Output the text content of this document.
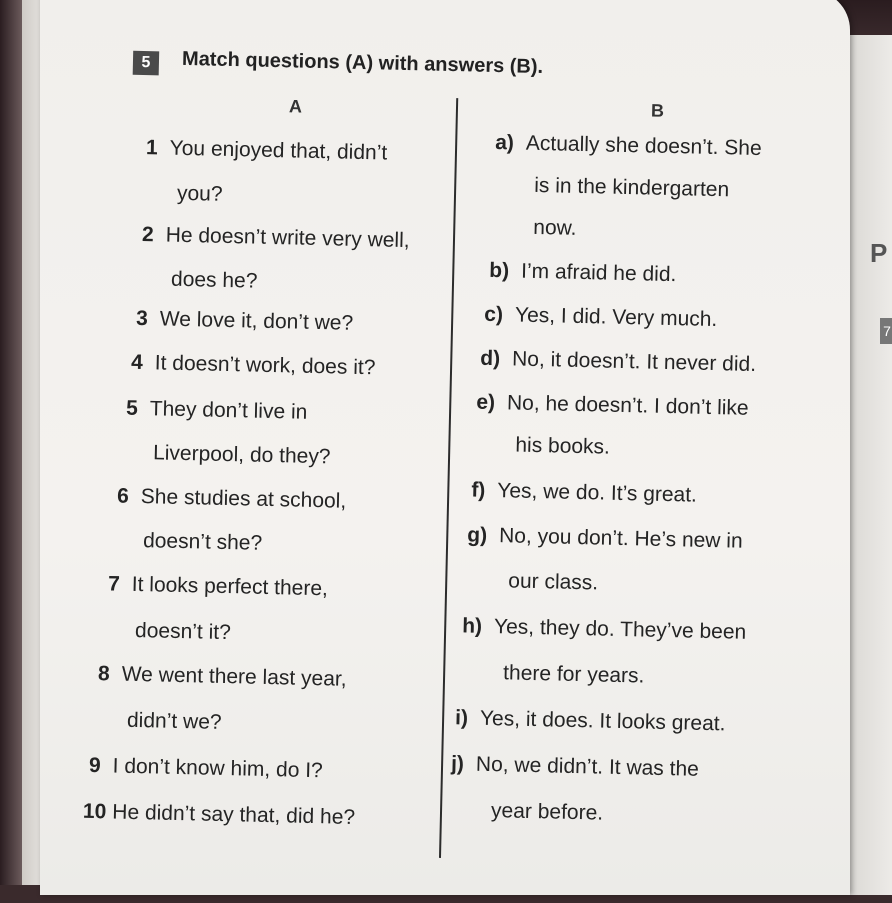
P
7
5	Match questions (A) with answers (B).
A	B
1 You enjoyed that, didn’t
you?
2 He doesn’t write very well,
does he?
3 We love it, don’t we?
4 It doesn’t work, does it?
5 They don’t live in
Liverpool, do they?
6 She studies at school,
doesn’t she?
7 It looks perfect there,
doesn’t it?
8 We went there last year,
didn’t we?
9 I don’t know him, do I?
10 He didn’t say that, did he?
a) Actually she doesn’t. She
is in the kindergarten
now.
b) I’m afraid he did.
c) Yes, I did. Very much.
d) No, it doesn’t. It never did.
e) No, he doesn’t. I don’t like
his books.
f) Yes, we do. It’s great.
g) No, you don’t. He’s new in
our class.
h) Yes, they do. They’ve been
there for years.
i) Yes, it does. It looks great.
j) No, we didn’t. It was the
year before.
